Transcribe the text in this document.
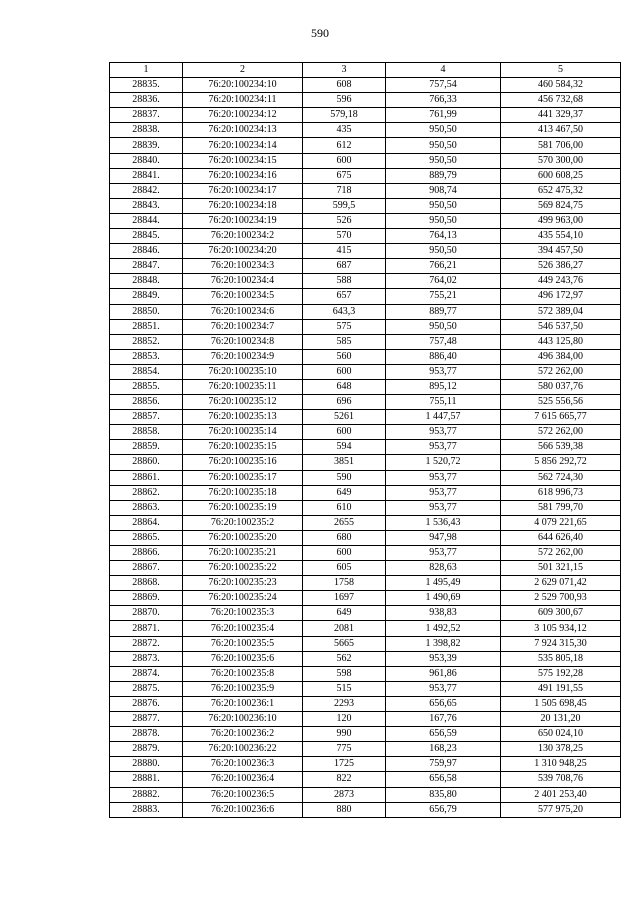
590
1	2	3	4	5
28835.	76:20:100234:10	608	757,54	460 584,32
28836.	76:20:100234:11	596	766,33	456 732,68
28837.	76:20:100234:12	579,18	761,99	441 329,37
28838.	76:20:100234:13	435	950,50	413 467,50
28839.	76:20:100234:14	612	950,50	581 706,00
28840.	76:20:100234:15	600	950,50	570 300,00
28841.	76:20:100234:16	675	889,79	600 608,25
28842.	76:20:100234:17	718	908,74	652 475,32
28843.	76:20:100234:18	599,5	950,50	569 824,75
28844.	76:20:100234:19	526	950,50	499 963,00
28845.	76:20:100234:2	570	764,13	435 554,10
28846.	76:20:100234:20	415	950,50	394 457,50
28847.	76:20:100234:3	687	766,21	526 386,27
28848.	76:20:100234:4	588	764,02	449 243,76
28849.	76:20:100234:5	657	755,21	496 172,97
28850.	76:20:100234:6	643,3	889,77	572 389,04
28851.	76:20:100234:7	575	950,50	546 537,50
28852.	76:20:100234:8	585	757,48	443 125,80
28853.	76:20:100234:9	560	886,40	496 384,00
28854.	76:20:100235:10	600	953,77	572 262,00
28855.	76:20:100235:11	648	895,12	580 037,76
28856.	76:20:100235:12	696	755,11	525 556,56
28857.	76:20:100235:13	5261	1 447,57	7 615 665,77
28858.	76:20:100235:14	600	953,77	572 262,00
28859.	76:20:100235:15	594	953,77	566 539,38
28860.	76:20:100235:16	3851	1 520,72	5 856 292,72
28861.	76:20:100235:17	590	953,77	562 724,30
28862.	76:20:100235:18	649	953,77	618 996,73
28863.	76:20:100235:19	610	953,77	581 799,70
28864.	76:20:100235:2	2655	1 536,43	4 079 221,65
28865.	76:20:100235:20	680	947,98	644 626,40
28866.	76:20:100235:21	600	953,77	572 262,00
28867.	76:20:100235:22	605	828,63	501 321,15
28868.	76:20:100235:23	1758	1 495,49	2 629 071,42
28869.	76:20:100235:24	1697	1 490,69	2 529 700,93
28870.	76:20:100235:3	649	938,83	609 300,67
28871.	76:20:100235:4	2081	1 492,52	3 105 934,12
28872.	76:20:100235:5	5665	1 398,82	7 924 315,30
28873.	76:20:100235:6	562	953,39	535 805,18
28874.	76:20:100235:8	598	961,86	575 192,28
28875.	76:20:100235:9	515	953,77	491 191,55
28876.	76:20:100236:1	2293	656,65	1 505 698,45
28877.	76:20:100236:10	120	167,76	20 131,20
28878.	76:20:100236:2	990	656,59	650 024,10
28879.	76:20:100236:22	775	168,23	130 378,25
28880.	76:20:100236:3	1725	759,97	1 310 948,25
28881.	76:20:100236:4	822	656,58	539 708,76
28882.	76:20:100236:5	2873	835,80	2 401 253,40
28883.	76:20:100236:6	880	656,79	577 975,20
